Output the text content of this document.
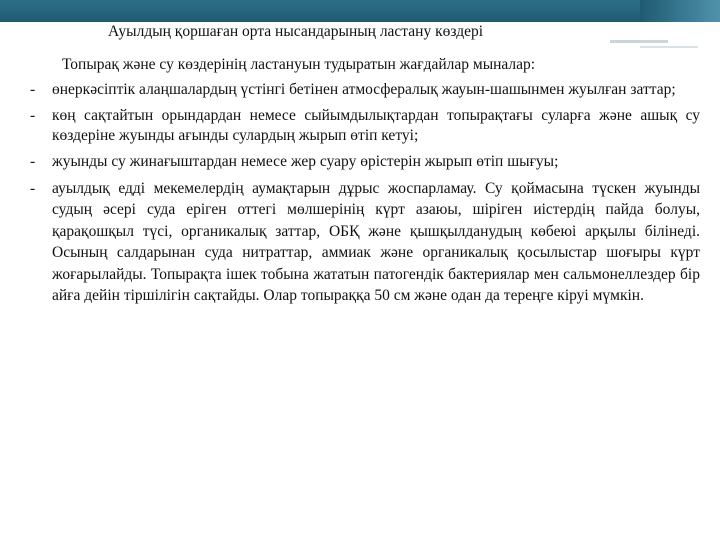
Ауылдың қоршаған орта нысандарының ластану көздері

Топырақ және су көздерінің ластануын тудыратын жағдайлар мыналар:

-	өнеркәсіптік алаңшалардың үстінгі бетінен атмосфералық жауын-шашынмен жуылған заттар;
-	көң сақтайтын орындардан немесе сыйымдылықтардан топырақтағы суларға және ашық су көздеріне жуынды ағынды сулардың жырып өтіп кетуі;
-	жуынды су жинағыштардан немесе жер суару өрістерін жырып өтіп шығуы;
-	ауылдық едді мекемелердің аумақтарын дұрыс жоспарламау. Су қоймасына түскен жуынды судың әсері суда еріген оттегі мөлшерінің күрт азаюы, шіріген иістердің пайда болуы, қарақошқыл түсі, органикалық заттар, ОБҚ және қышқылданудың көбеюі арқылы білінеді. Осының салдарынан суда нитраттар, аммиак және органикалық қосылыстар шоғыры күрт жоғарылайды. Топырақта ішек тобына жататын патогендік бактериялар мен сальмонеллездер бір айға дейін тіршілігін сақтайды. Олар топыраққа 50 см және одан да тереңге кіруі мүмкін.
